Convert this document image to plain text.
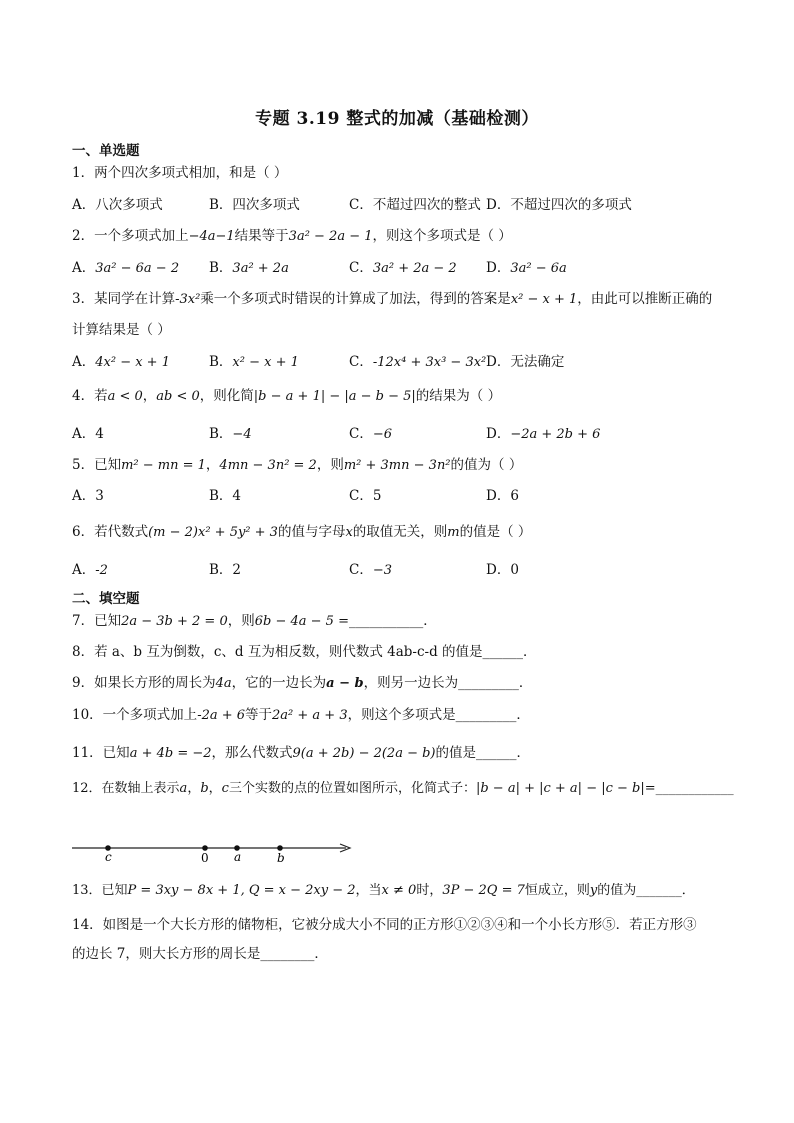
专题 3.19 整式的加减（基础检测）
一、单选题
1．两个四次多项式相加，和是（ ）
A．八次多项式	B．四次多项式	C．不超过四次的整式 D．不超过四次的多项式
2．一个多项式加上−4a−1结果等于3a² − 2a − 1，则这个多项式是（ ）
A．3a² − 6a − 2 B．3a² + 2a	C．3a² + 2a − 2 D．3a² − 6a
3．某同学在计算-3x²乘一个多项式时错误的计算成了加法，得到的答案是x² − x + 1，由此可以推断正确的
计算结果是（ ）
A．4x² − x + 1	B．x² − x + 1	C．-12x⁴ + 3x³ − 3x² D．无法确定
4．若a < 0，ab < 0，则化简|b − a + 1| − |a − b − 5|的结果为（ ）
A．4	B．−4	C．−6	D．−2a + 2b + 6
5．已知m² − mn = 1，4mn − 3n² = 2，则m² + 3mn − 3n²的值为（ ）
A．3	B．4	C．5	D．6
6．若代数式(m − 2)x² + 5y² + 3的值与字母x的取值无关，则m的值是（ ）
A．-2	B．2	C．−3	D．0
二、填空题
7．已知2a − 3b + 2 = 0，则6b − 4a − 5 =___________．
8．若 a、b 互为倒数，c、d 互为相反数，则代数式 4ab-c-d 的值是______．
9．如果长方形的周长为4a，它的一边长为a − b，则另一边长为_________．
10．一个多项式加上-2a + 6等于2a² + a + 3，则这个多项式是_________．
11．已知a + 4b = −2，那么代数式9(a + 2b) − 2(2a − b)的值是______．
12．在数轴上表示a，b，c三个实数的点的位置如图所示，化简式子：|b − a| + |c + a| − |c − b|=____________
c	0 a	b
13．已知P = 3xy − 8x + 1, Q = x − 2xy − 2，当x ≠ 0时，3P − 2Q = 7恒成立，则y的值为_______．
14．如图是一个大长方形的储物柜，它被分成大小不同的正方形①②③④和一个小长方形⑤．若正方形③
的边长 7，则大长方形的周长是________．
